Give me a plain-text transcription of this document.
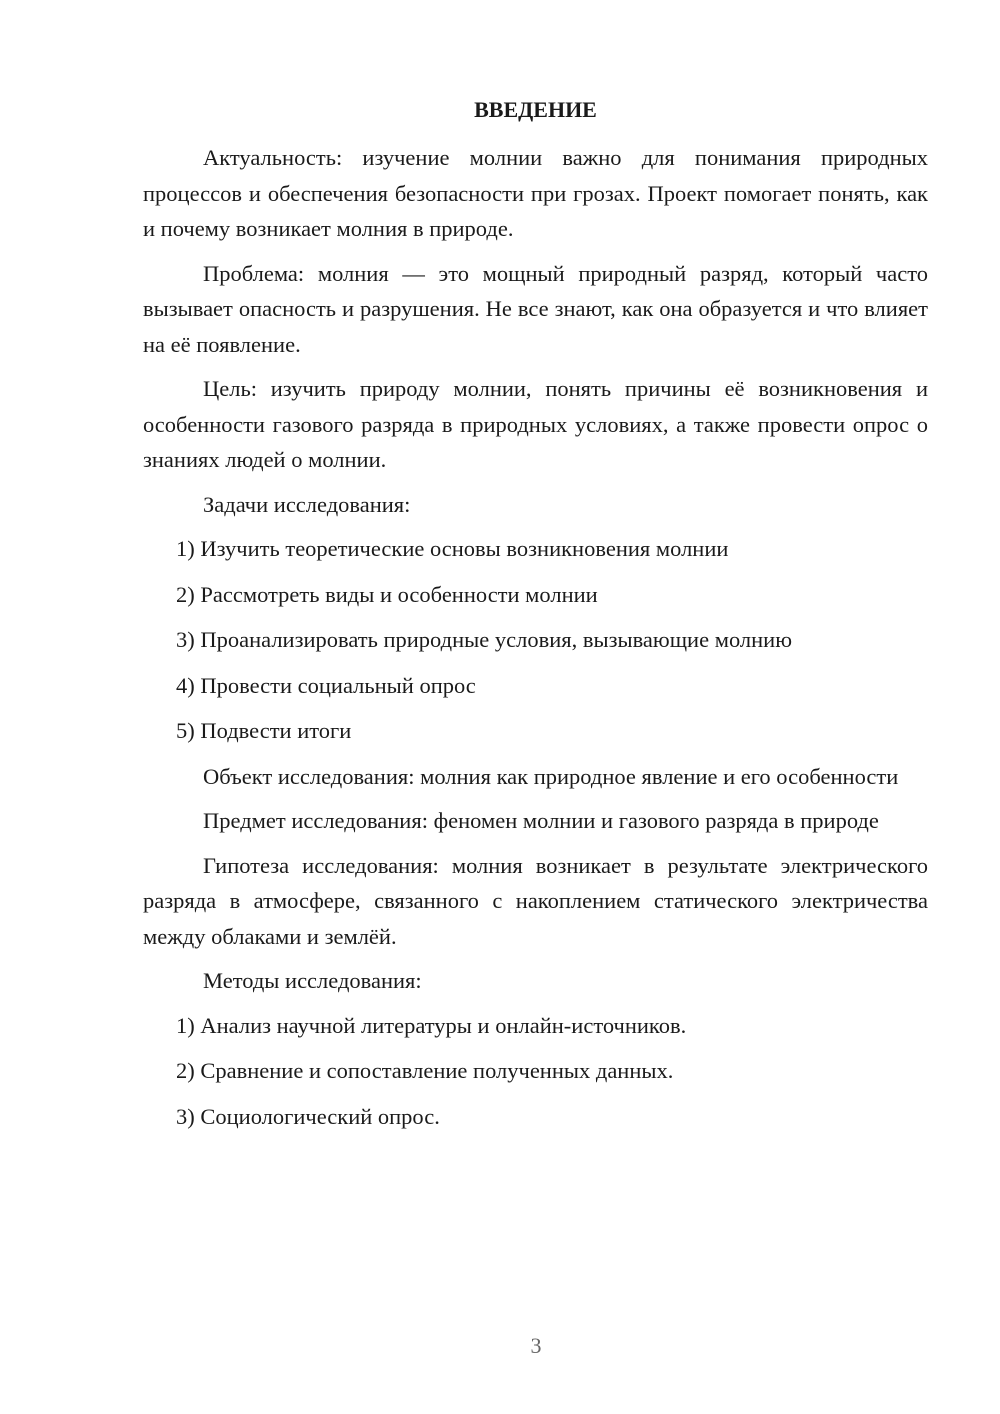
ВВЕДЕНИЕ

Актуальность: изучение молнии важно для понимания природных процессов и обеспечения безопасности при грозах. Проект помогает понять, как и почему возникает молния в природе.

Проблема: молния — это мощный природный разряд, который часто вызывает опасность и разрушения. Не все знают, как она образуется и что влияет на её появление.

Цель: изучить природу молнии, понять причины её возникновения и особенности газового разряда в природных условиях, а также провести опрос о знаниях людей о молнии.

Задачи исследования:

1) Изучить теоретические основы возникновения молнии

2) Рассмотреть виды и особенности молнии

3) Проанализировать природные условия, вызывающие молнию

4) Провести социальный опрос

5) Подвести итоги

Объект исследования: молния как природное явление и его особенности

Предмет исследования: феномен молнии и газового разряда в природе

Гипотеза исследования: молния возникает в результате электрического разряда в атмосфере, связанного с накоплением статического электричества между облаками и землёй.

Методы исследования:

1) Анализ научной литературы и онлайн-источников.

2) Сравнение и сопоставление полученных данных.

3) Социологический опрос.

3
